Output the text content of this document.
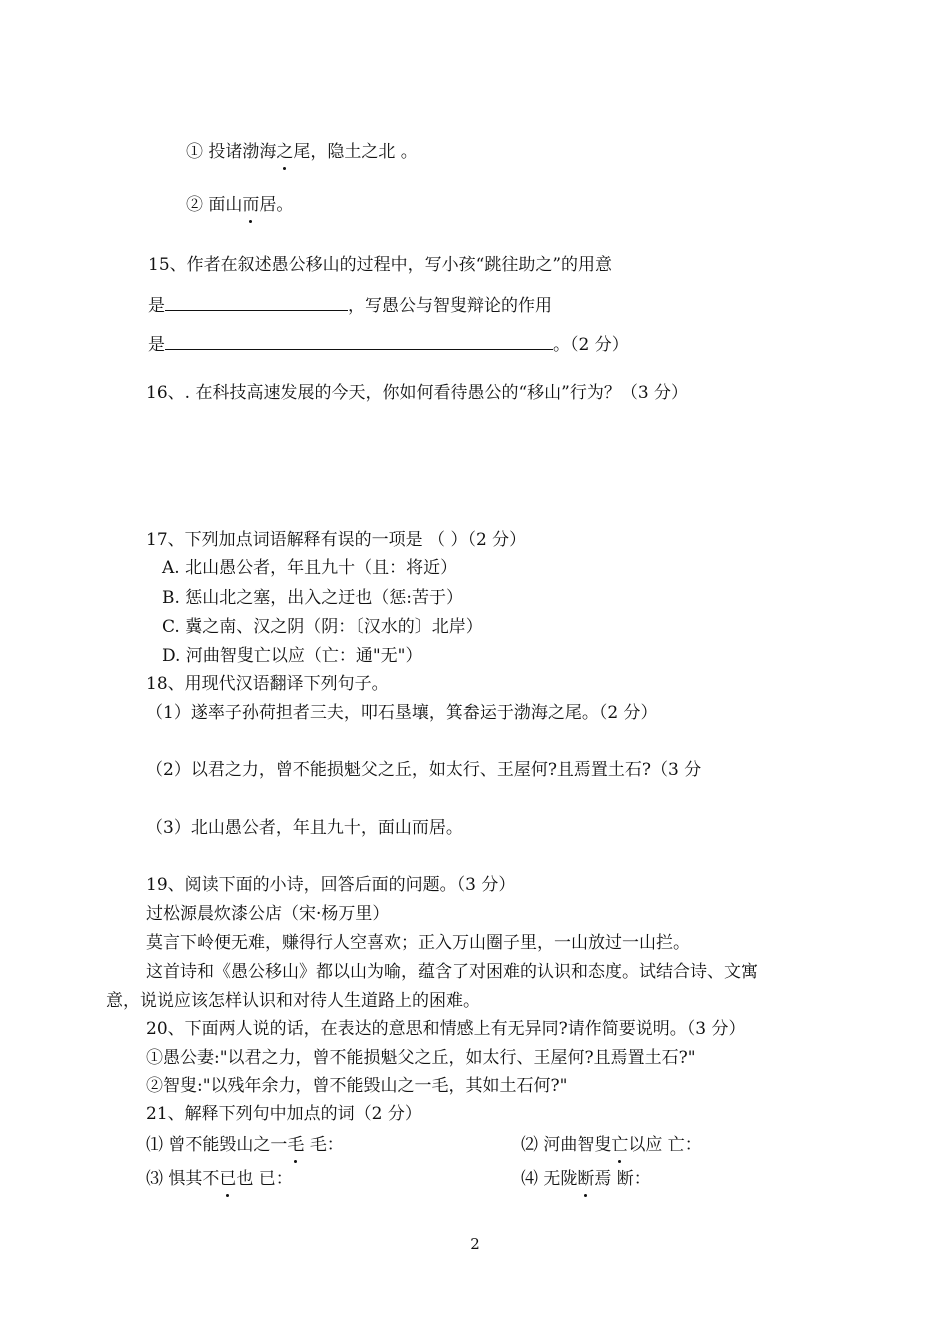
① 投诸渤海之尾，隐土之北 。
② 面山而居。
15、作者在叙述愚公移山的过程中，写小孩“跳往助之”的用意
是	，写愚公与智叟辩论的作用
是	。（2 分）
16、. 在科技高速发展的今天，你如何看待愚公的“移山”行为？（3 分）
17、下列加点词语解释有误的一项是 （ ）（2 分）
A. 北山愚公者，年且九十（且：将近）
B. 惩山北之塞，出入之迂也（惩:苦于）
C. 冀之南、汉之阴（阴：〔汉水的〕北岸）
D. 河曲智叟亡以应（亡：通"无"）
18、用现代汉语翻译下列句子。
（1）遂率子孙荷担者三夫，叩石垦壤，箕畚运于渤海之尾。（2 分）
（2）以君之力，曾不能损魁父之丘，如太行、王屋何?且焉置土石?（3 分
（3）北山愚公者，年且九十，面山而居。
19、阅读下面的小诗，回答后面的问题。（3 分）
过松源晨炊漆公店（宋·杨万里）
莫言下岭便无难，赚得行人空喜欢；正入万山圈子里，一山放过一山拦。
这首诗和《愚公移山》都以山为喻，蕴含了对困难的认识和态度。试结合诗、文寓
意，说说应该怎样认识和对待人生道路上的困难。
20、下面两人说的话，在表达的意思和情感上有无异同?请作简要说明。（3 分）
①愚公妻:"以君之力，曾不能损魁父之丘，如太行、王屋何?且焉置土石?"
②智叟:"以残年余力，曾不能毁山之一毛，其如土石何?"
21、解释下列句中加点的词（2 分）
⑴ 曾不能毁山之一毛 毛：	⑵ 河曲智叟亡以应 亡：
⑶ 惧其不已也 已：	⑷ 无陇断焉 断：
2
